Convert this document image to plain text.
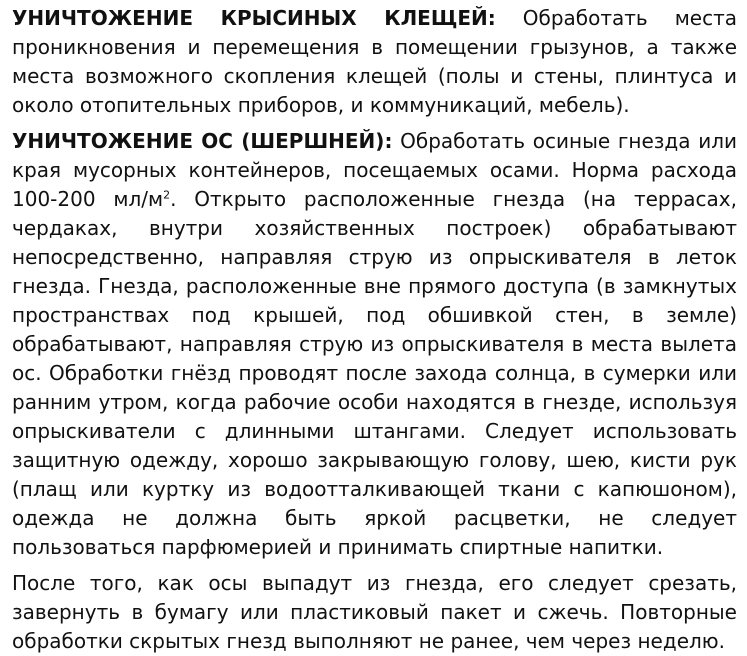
УНИЧТОЖЕНИЕ КРЫСИНЫХ КЛЕЩЕЙ: Обработать места проникновения и перемещения в помещении грызунов, а также места возможного скопления клещей (полы и стены, плинтуса и около отопительных приборов, и коммуникаций, мебель).

УНИЧТОЖЕНИЕ ОС (ШЕРШНЕЙ): Обработать осиные гнезда или края мусорных контейнеров, посещаемых осами. Норма расхода 100-200 $мл/м^2$. Открыто расположенные гнезда (на террасах, чердаках, внутри хозяйственных построек) обрабатывают непосредственно, направляя струю из опрыскивателя в леток гнезда. Гнезда, расположенные вне прямого доступа (в замкнутых пространствах под крышей, под обшивкой стен, в земле) обрабатывают, направляя струю из опрыскивателя в места вылета ос. Обработки гнёзд проводят после захода солнца, в сумерки или ранним утром, когда рабочие особи находятся в гнезде, используя опрыскиватели с длинными штангами. Следует использовать защитную одежду, хорошо закрывающую голову, шею, кисти рук (плащ или куртку из водоотталкивающей ткани с капюшоном), одежда не должна быть яркой расцветки, не следует пользоваться парфюмерией и принимать спиртные напитки.

После того, как осы выпадут из гнезда, его следует срезать, завернуть в бумагу или пластиковый пакет и сжечь. Повторные обработки скрытых гнезд выполняют не ранее, чем через неделю.
